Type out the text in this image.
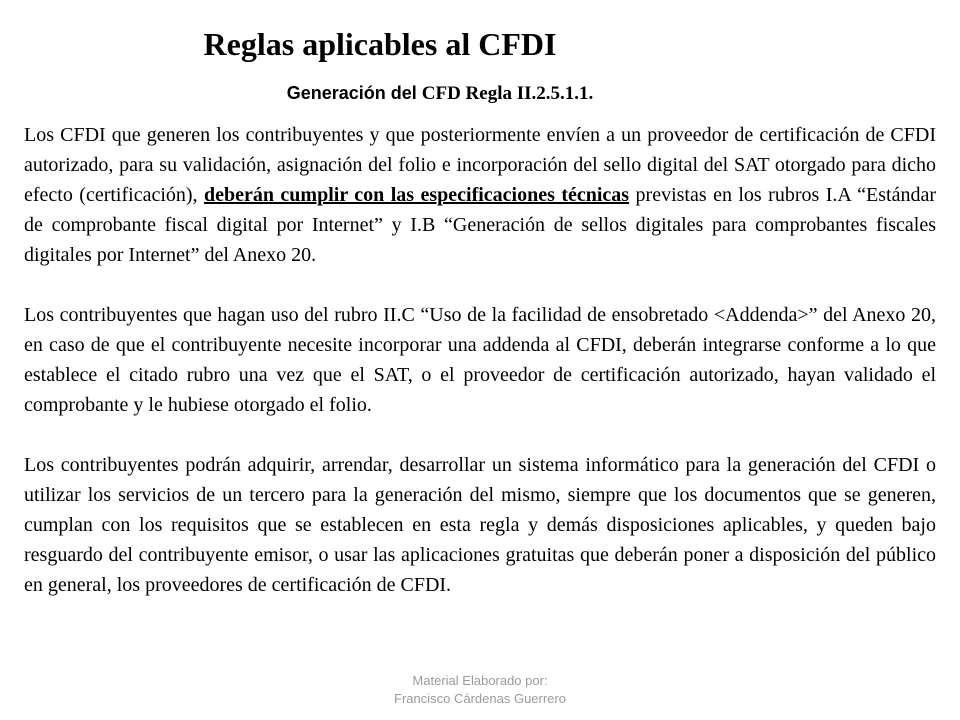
Reglas aplicables al CFDI
Generación del CFD Regla II.2.5.1.1.

Los CFDI que generen los contribuyentes y que posteriormente envíen a un proveedor de certificación de CFDI autorizado, para su validación, asignación del folio e incorporación del sello digital del SAT otorgado para dicho efecto (certificación), deberán cumplir con las especificaciones técnicas previstas en los rubros I.A “Estándar de comprobante fiscal digital por Internet” y I.B “Generación de sellos digitales para comprobantes fiscales digitales por Internet” del Anexo 20.

Los contribuyentes que hagan uso del rubro II.C “Uso de la facilidad de ensobretado <Addenda>” del Anexo 20, en caso de que el contribuyente necesite incorporar una addenda al CFDI, deberán integrarse conforme a lo que establece el citado rubro una vez que el SAT, o el proveedor de certificación autorizado, hayan validado el comprobante y le hubiese otorgado el folio.

Los contribuyentes podrán adquirir, arrendar, desarrollar un sistema informático para la generación del CFDI o utilizar los servicios de un tercero para la generación del mismo, siempre que los documentos que se generen, cumplan con los requisitos que se establecen en esta regla y demás disposiciones aplicables, y queden bajo resguardo del contribuyente emisor, o usar las aplicaciones gratuitas que deberán poner a disposición del público en general, los proveedores de certificación de CFDI.

Material Elaborado por:
Francisco Cárdenas Guerrero
